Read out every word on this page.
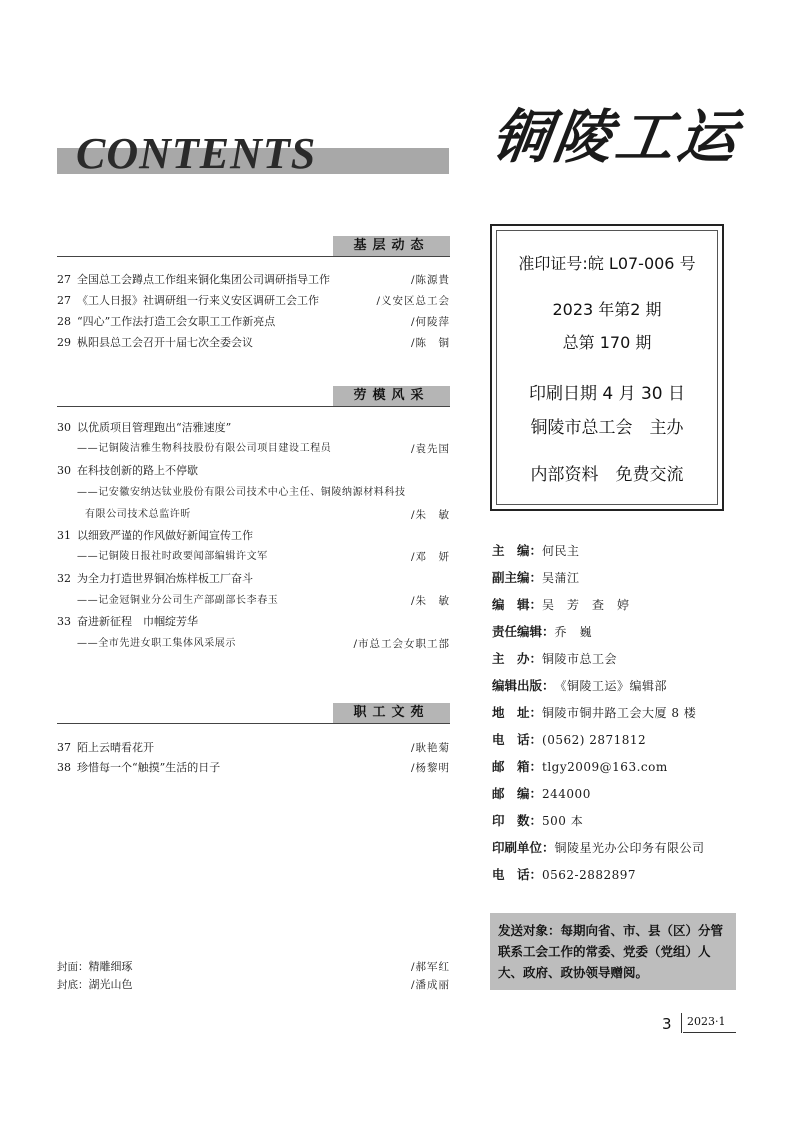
CONTENTS	铜陵工运
基层动态
27 全国总工会蹲点工作组来铜化集团公司调研指导工作	/陈源貴
27 《工人日报》社调研组一行来义安区调研工会工作	/义安区总工会
28 “四心”工作法打造工会女职工工作新亮点	/何陵萍
29 枞阳县总工会召开十届七次全委会议	/陈　铜
劳模风采
30 以优质项目管理跑出“洁雅速度”
——记铜陵洁雅生物科技股份有限公司项目建设工程员	/袁先国
30 在科技创新的路上不停歇
——记安徽安纳达钛业股份有限公司技术中心主任、铜陵纳源材料科技
有限公司技术总监许昕	/朱　敏
31 以细致严谨的作风做好新闻宣传工作
——记铜陵日报社时政要闻部编辑许文军	/邓　妍
32 为全力打造世界铜冶炼样板工厂奋斗
——记金冠铜业分公司生产部副部长李春玉	/朱　敏
33 奋进新征程　巾帼绽芳华
——全市先进女职工集体风采展示	/市总工会女职工部
职工文苑
37 陌上云晴看花开	/耿艳菊
38 珍惜每一个“触摸”生活的日子	/杨黎明
封面：精雕细琢	/郝军红
封底：湖光山色	/潘成丽
准印证号:皖 L07-006 号
2023 年第2 期
总第 170 期
印刷日期 4 月 30 日
铜陵市总工会　主办
内部资料　免费交流
主　编：何民主
副主编：吴蒲江
编　辑：吴　芳　查　婷
责任编辑：乔　巍
主　办：铜陵市总工会
编辑出版：《铜陵工运》编辑部
地　址：铜陵市铜井路工会大厦 8 楼
电　话：(0562) 2871812
邮　箱：tlgy2009@163.com
邮　编：244000
印　数：500 本
印刷单位：铜陵星光办公印务有限公司
电　话：0562-2882897
发送对象：每期向省、市、县（区）分管联系工会工作的常委、党委（党组）人大、政府、政协领导赠阅。
3 2023·1
